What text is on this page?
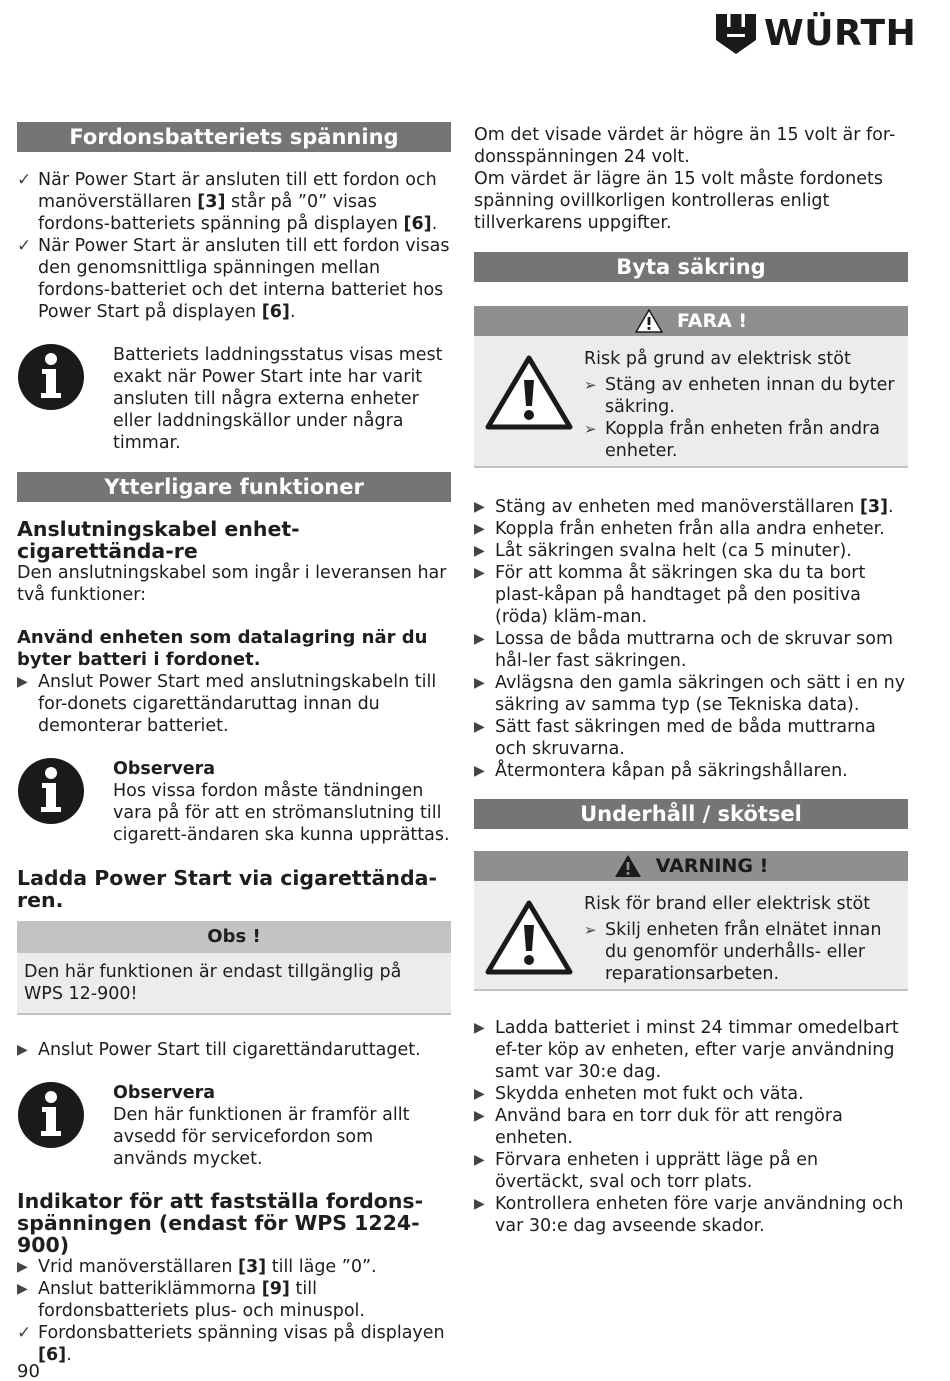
WÜRTH
Fordonsbatteriets spänning
✓ När Power Start är ansluten till ett fordon och manöverställaren [3] står på ”0” visas fordons-batteriets spänning på displayen [6].
✓ När Power Start är ansluten till ett fordon visas den genomsnittliga spänningen mellan fordons-batteriet och det interna batteriet hos Power Start på displayen [6].
Batteriets laddningsstatus visas mest exakt när Power Start inte har varit ansluten till några externa enheter eller laddningskällor under några timmar.
Ytterligare funktioner
Anslutningskabel enhet-cigarettända-re

Den anslutningskabel som ingår i leveransen har två funktioner:

Använd enheten som datalagring när du byter batteri i fordonet.
▶ Anslut Power Start med anslutningskabeln till for-donets cigarettändaruttag innan du demonterar batteriet.
Observera
Hos vissa fordon måste tändningen vara på för att en strömanslutning till cigarett-ändaren ska kunna upprättas.
Ladda Power Start via cigarettända-ren.
Obs !
Den här funktionen är endast tillgänglig på WPS 12-900!
▶ Anslut Power Start till cigarettändaruttaget.
Observera
Den här funktionen är framför allt avsedd för servicefordon som används mycket.
Indikator för att fastställa fordons-spänningen (endast för WPS 1224-900)
▶ Vrid manöverställaren [3] till läge ”0”.
▶ Anslut batteriklämmorna [9] till fordonsbatteriets plus- och minuspol.
✓ Fordonsbatteriets spänning visas på displayen [6].

Om det visade värdet är högre än 15 volt är for-donsspänningen 24 volt.
Om värdet är lägre än 15 volt måste fordonets spänning ovillkorligen kontrolleras enligt tillverkarens uppgifter.

Byta säkring
FARA !
Risk på grund av elektrisk stöt
➢ Stäng av enheten innan du byter säkring.
➢ Koppla från enheten från andra enheter.
▶ Stäng av enheten med manöverställaren [3].
▶ Koppla från enheten från alla andra enheter.
▶ Låt säkringen svalna helt (ca 5 minuter).
▶ För att komma åt säkringen ska du ta bort plast-kåpan på handtaget på den positiva (röda) kläm-man.
▶ Lossa de båda muttrarna och de skruvar som hål-ler fast säkringen.
▶ Avlägsna den gamla säkringen och sätt i en ny säkring av samma typ (se Tekniska data).
▶ Sätt fast säkringen med de båda muttrarna och skruvarna.
▶ Återmontera kåpan på säkringshållaren.
Underhåll / skötsel
VARNING !
Risk för brand eller elektrisk stöt
➢ Skilj enheten från elnätet innan du genomför underhålls- eller reparationsarbeten.
▶ Ladda batteriet i minst 24 timmar omedelbart ef-ter köp av enheten, efter varje användning samt var 30:e dag.
▶ Skydda enheten mot fukt och väta.
▶ Använd bara en torr duk för att rengöra enheten.
▶ Förvara enheten i upprätt läge på en övertäckt, sval och torr plats.
▶ Kontrollera enheten före varje användning och var 30:e dag avseende skador.
90
